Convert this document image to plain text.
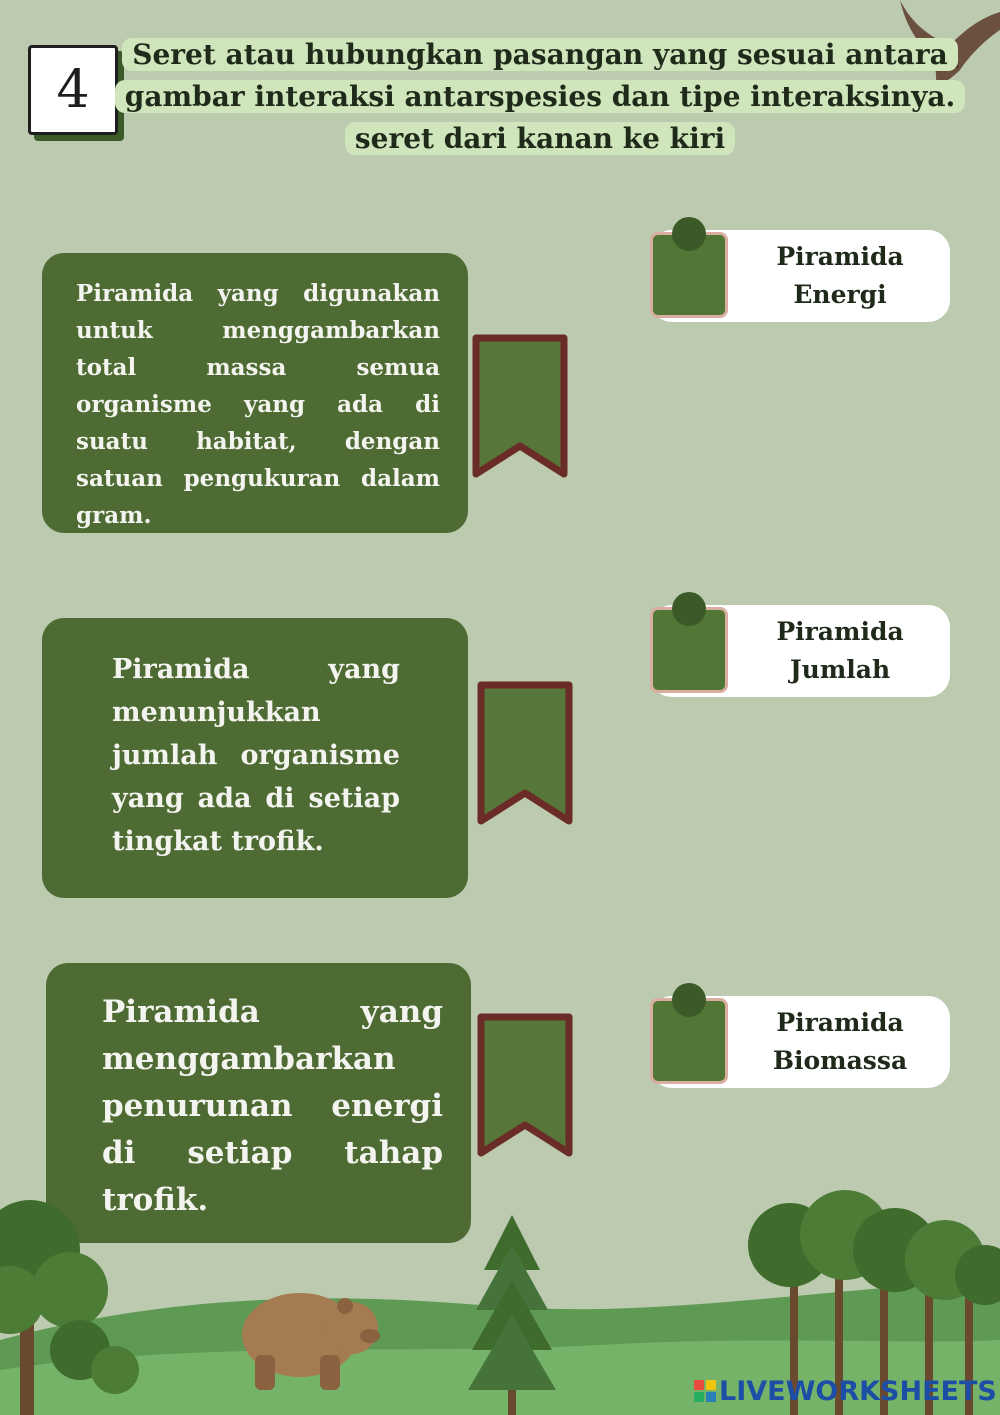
4
Seret atau hubungkan pasangan yang sesuai antara
gambar interaksi antarspesies dan tipe interaksinya.
seret dari kanan ke kiri

Piramida yang digunakan untuk menggambarkan total massa semua organisme yang ada di suatu habitat, dengan satuan pengukuran dalam gram.

Piramida yang menunjukkan jumlah organisme yang ada di setiap tingkat trofik.

Piramida yang menggambarkan penurunan energi di setiap tahap trofik.

Piramida
Energi
Piramida
Jumlah
Piramida
Biomassa
LIVEWORKSHEETS
